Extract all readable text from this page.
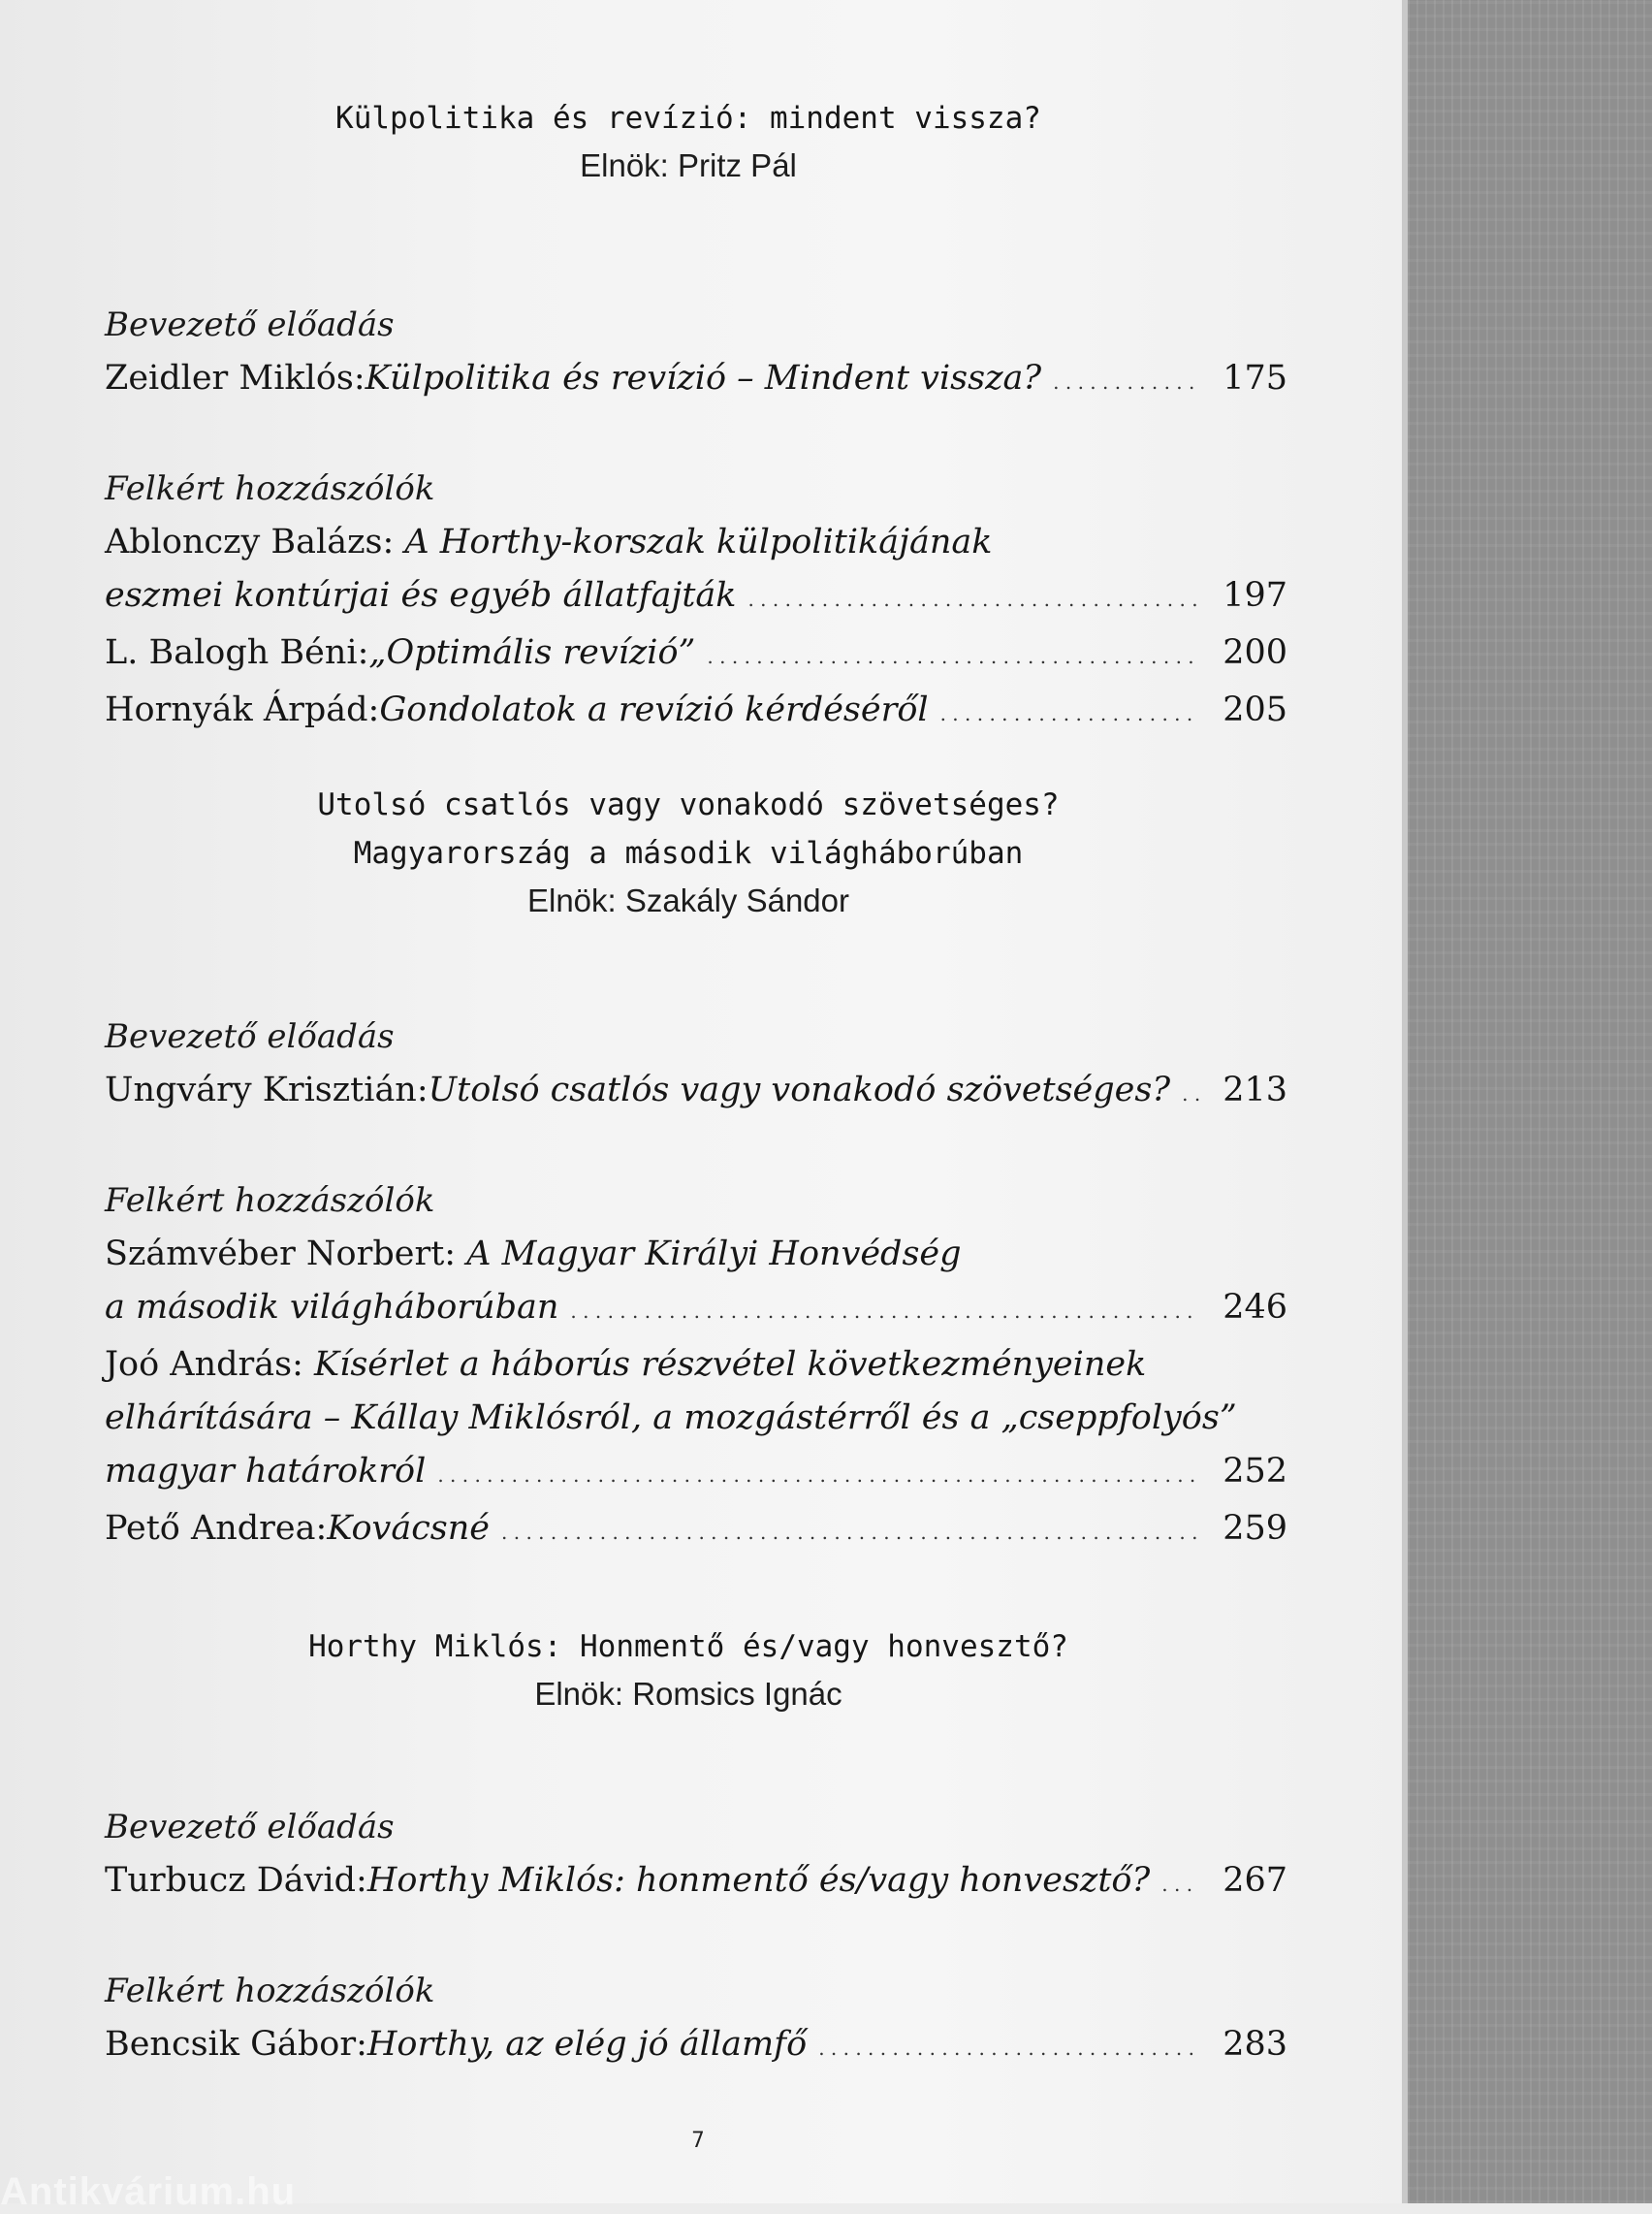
Külpolitika és revízió: mindent vissza?
Elnök: Pritz Pál
Bevezető előadás
Zeidler Miklós: Külpolitika és revízió – Mindent vissza? . . .	175
Felkért hozzászólók
Ablonczy Balázs: A Horthy-korszak külpolitikájának
eszmei kontúrjai és egyéb állatfajták . . .	197
L. Balogh Béni: „Optimális revízió” . . .	200
Hornyák Árpád: Gondolatok a revízió kérdéséről . . .	205
Utolsó csatlós vagy vonakodó szövetséges?
Magyarország a második világháborúban
Elnök: Szakály Sándor
Bevezető előadás
Ungváry Krisztián: Utolsó csatlós vagy vonakodó szövetséges? . . .	213
Felkért hozzászólók
Számvéber Norbert: A Magyar Királyi Honvédség
a második világháborúban . . .	246
Joó András: Kísérlet a háborús részvétel következményeinek
elhárítására – Kállay Miklósról, a mozgástérről és a „cseppfolyós”
magyar határokról . . .	252
Pető Andrea: Kovácsné . . .	259
Horthy Miklós: Honmentő és/vagy honvesztő?
Elnök: Romsics Ignác
Bevezető előadás
Turbucz Dávid: Horthy Miklós: honmentő és/vagy honvesztő? . . .	267
Felkért hozzászólók
Bencsik Gábor: Horthy, az elég jó államfő . . .	283
7
Antikvárium.hu
